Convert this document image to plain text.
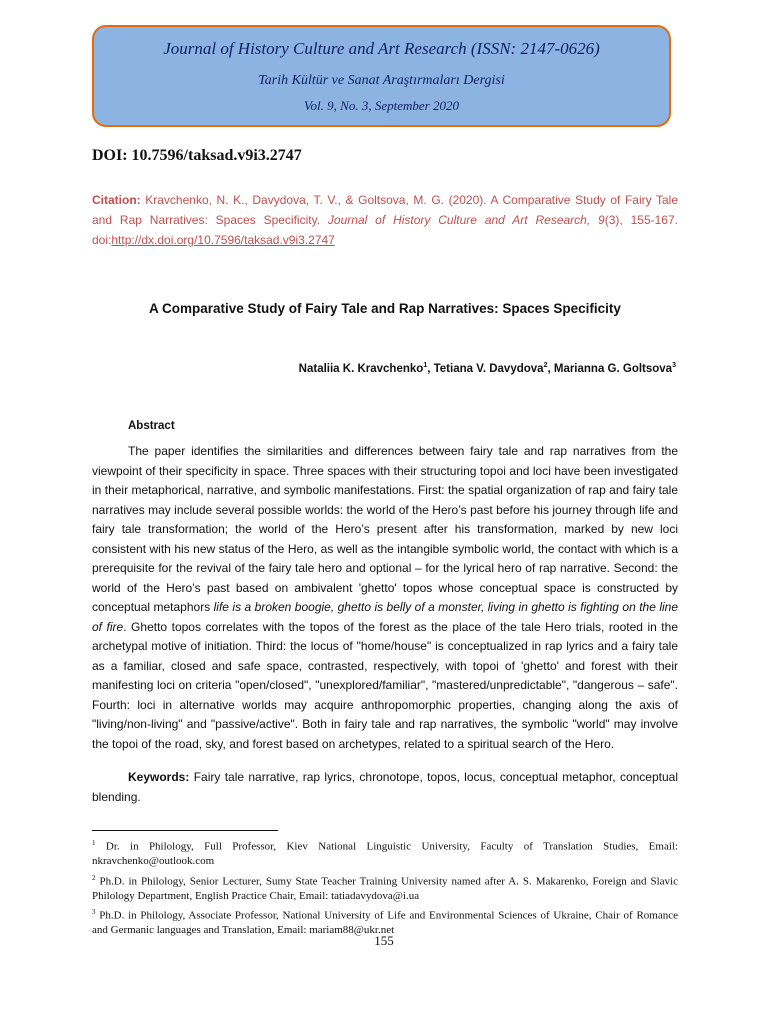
Journal of History Culture and Art Research (ISSN: 2147-0626)
Tarih Kültür ve Sanat Araştırmaları Dergisi
Vol. 9, No. 3, September 2020
DOI: 10.7596/taksad.v9i3.2747
Citation: Kravchenko, N. K., Davydova, T. V., & Goltsova, M. G. (2020). A Comparative Study of Fairy Tale and Rap Narratives: Spaces Specificity. Journal of History Culture and Art Research, 9(3), 155-167. doi:http://dx.doi.org/10.7596/taksad.v9i3.2747
A Comparative Study of Fairy Tale and Rap Narratives: Spaces Specificity
Nataliia K. Kravchenko$^1$, Tetiana V. Davydova$^2$, Marianna G. Goltsova$^3$
Abstract

The paper identifies the similarities and differences between fairy tale and rap narratives from the viewpoint of their specificity in space. Three spaces with their structuring topoi and loci have been investigated in their metaphorical, narrative, and symbolic manifestations. First: the spatial organization of rap and fairy tale narratives may include several possible worlds: the world of the Hero’s past before his journey through life and fairy tale transformation; the world of the Hero’s present after his transformation, marked by new loci consistent with his new status of the Hero, as well as the intangible symbolic world, the contact with which is a prerequisite for the revival of the fairy tale hero and optional – for the lyrical hero of rap narrative. Second: the world of the Hero’s past based on ambivalent 'ghetto' topos whose conceptual space is constructed by conceptual metaphors life is a broken boogie, ghetto is belly of a monster, living in ghetto is fighting on the line of fire. Ghetto topos correlates with the topos of the forest as the place of the tale Hero trials, rooted in the archetypal motive of initiation. Third: the locus of "home/house" is conceptualized in rap lyrics and a fairy tale as a familiar, closed and safe space, contrasted, respectively, with topoi of 'ghetto' and forest with their manifesting loci on criteria "open/closed", "unexplored/familiar", "mastered/unpredictable", "dangerous – safe". Fourth: loci in alternative worlds may acquire anthropomorphic properties, changing along the axis of "living/non-living" and "passive/active". Both in fairy tale and rap narratives, the symbolic "world" may involve the topoi of the road, sky, and forest based on archetypes, related to a spiritual search of the Hero.

Keywords: Fairy tale narrative, rap lyrics, chronotope, topos, locus, conceptual metaphor, conceptual blending.

$^1$ Dr. in Philology, Full Professor, Kiev National Linguistic University, Faculty of Translation Studies, Email: nkravchenko@outlook.com

$^2$ Ph.D. in Philology, Senior Lecturer, Sumy State Teacher Training University named after A. S. Makarenko, Foreign and Slavic Philology Department, English Practice Chair, Email: tatiadavydova@i.ua

$^3$ Ph.D. in Philology, Associate Professor, National University of Life and Environmental Sciences of Ukraine, Chair of Romance and Germanic languages and Translation, Email: mariam88@ukr.net

155
